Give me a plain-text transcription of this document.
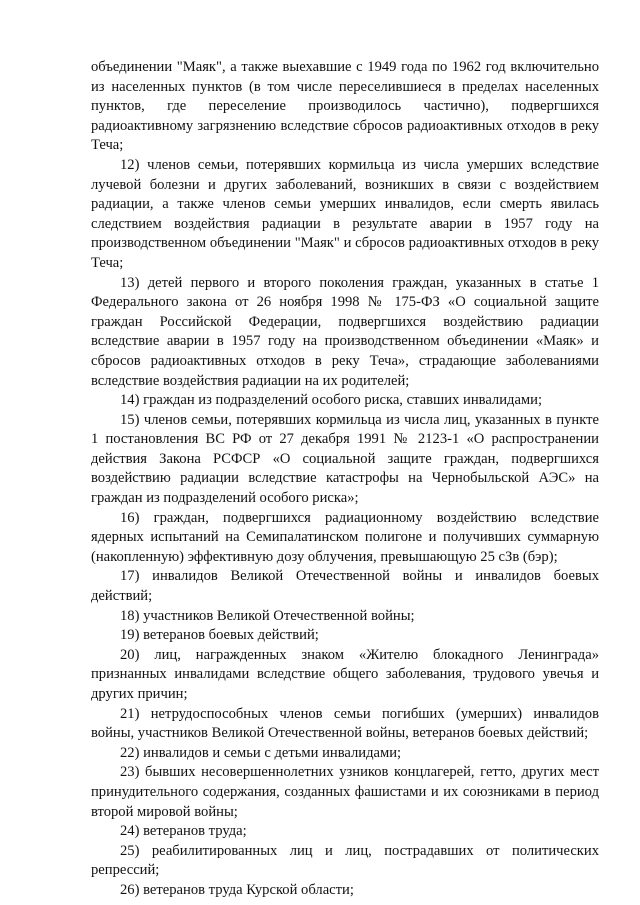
объединении "Маяк", а также выехавшие с 1949 года по 1962 год включительно из населенных пунктов (в том числе переселившиеся в пределах населенных пунктов, где переселение производилось частично), подвергшихся радиоактивному загрязнению вследствие сбросов радиоактивных отходов в реку Теча;

12) членов семьи, потерявших кормильца из числа умерших вследствие лучевой болезни и других заболеваний, возникших в связи с воздействием радиации, а также членов семьи умерших инвалидов, если смерть явилась следствием воздействия радиации в результате аварии в 1957 году на производственном объединении "Маяк" и сбросов радиоактивных отходов в реку Теча;

13) детей первого и второго поколения граждан, указанных в статье 1 Федерального закона от 26 ноября 1998 № 175-ФЗ «О социальной защите граждан Российской Федерации, подвергшихся воздействию радиации вследствие аварии в 1957 году на производственном объединении «Маяк» и сбросов радиоактивных отходов в реку Теча», страдающие заболеваниями вследствие воздействия радиации на их родителей;

14) граждан из подразделений особого риска, ставших инвалидами;

15) членов семьи, потерявших кормильца из числа лиц, указанных в пункте 1 постановления ВС РФ от 27 декабря 1991 № 2123-1 «О распространении действия Закона РСФСР «О социальной защите граждан, подвергшихся воздействию радиации вследствие катастрофы на Чернобыльской АЭС» на граждан из подразделений особого риска»;

16) граждан, подвергшихся радиационному воздействию вследствие ядерных испытаний на Семипалатинском полигоне и получивших суммарную (накопленную) эффективную дозу облучения, превышающую 25 сЗв (бэр);

17) инвалидов Великой Отечественной войны и инвалидов боевых действий;

18) участников Великой Отечественной войны;

19) ветеранов боевых действий;

20) лиц, награжденных знаком «Жителю блокадного Ленинграда» признанных инвалидами вследствие общего заболевания, трудового увечья и других причин;

21) нетрудоспособных членов семьи погибших (умерших) инвалидов войны, участников Великой Отечественной войны, ветеранов боевых действий;

22) инвалидов и семьи с детьми инвалидами;

23) бывших несовершеннолетних узников концлагерей, гетто, других мест принудительного содержания, созданных фашистами и их союзниками в период второй мировой войны;

24) ветеранов труда;

25) реабилитированных лиц и лиц, пострадавших от политических репрессий;

26) ветеранов труда Курской области;
